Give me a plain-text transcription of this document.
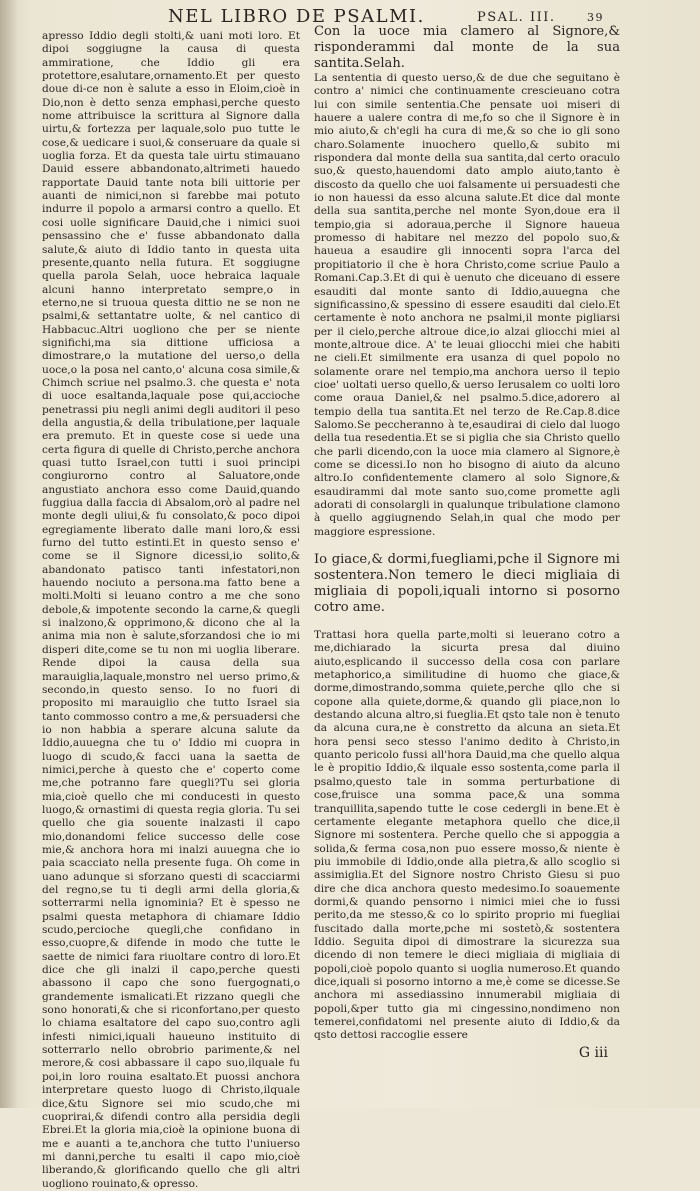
NEL LIBRO DE PSALMI.	PSAL. III.	39

apresso Iddio degli stolti,& uani moti loro. Et dipoi soggiugne la causa di questa ammiratione, che Iddio gli era protettore,esalutare,ornamento.Et per questo doue di-ce non è salute a esso in Eloim,cioè in Dio,non è detto senza emphasi,perche questo nome attribuisce la scrittura al Signore dalla uirtu,& fortezza per laquale,solo puo tutte le cose,& uedicare i suoi,& conseruare da quale si uoglia forza. Et da questa tale uirtu stimauano Dauid essere abbandonato,altrimeti hauedo rapportate Dauid tante nota bili uittorie per auanti de nimici,non si farebbe mai potuto indurre il popolo a armarsi contro a quello. Et cosi uolle significare Dauid,che i nimici suoi pensassino che e' fusse abbandonato dalla salute,& aiuto di Iddio tanto in questa uita presente,quanto nella futura. Et soggiugne quella parola Selah, uoce hebraica laquale alcuni hanno interpretato sempre,o in eterno,ne si truoua questa dittio ne se non ne psalmi,& settantatre uolte, & nel cantico di Habbacuc.Altri uogliono che per se niente significhi,ma sia dittione ufficiosa a dimostrare,o la mutatione del uerso,o della uoce,o la posa nel canto,o' alcuna cosa simile,& Chimch scriue nel psalmo.3. che questa e' nota di uoce esaltanda,laquale pose qui,accioche penetrassi piu negli animi degli auditori il peso della angustia,& della tribulatione,per laquale era premuto. Et in queste cose si uede una certa figura di quelle di Christo,perche anchora quasi tutto Israel,con tutti i suoi principi congiurorno contro al Saluatore,onde angustiato anchora esso come Dauid,quando fuggiua dalla faccia di Absalom,orò al padre nel monte degli uliui,& fu consolato,& poco dipoi egregiamente liberato dalle mani loro,& essi furno del tutto estinti.Et in questo senso e' come se il Signore dicessi,io solito,& abandonato patisco tanti infestatori,non hauendo nociuto a persona.ma fatto bene a molti.Molti si leuano contro a me che sono debole,& impotente secondo la carne,& quegli si inalzono,& opprimono,& dicono che al la anima mia non è salute,sforzandosi che io mi disperi dite,come se tu non mi uoglia liberare. Rende dipoi la causa della sua marauiglia,laquale,monstro nel uerso primo,& secondo,in questo senso. Io no fuori di proposito mi marauiglio che tutto Israel sia tanto commosso contro a me,& persuadersi che io non habbia a sperare alcuna salute da Iddio,auuegna che tu o' Iddio mi cuopra in luogo di scudo,& facci uana la saetta de nimici,perche à questo che e' coperto come me,che potranno fare quegli?Tu sei gloria mia,cioè quello che mi conducesti in questo luogo,& ornastimi di questa regia gloria. Tu sei quello che gia souente inalzasti il capo mio,donandomi felice successo delle cose mie,& anchora hora mi inalzi auuegna che io paia scacciato nella presente fuga. Oh come in uano adunque si sforzano questi di scacciarmi del regno,se tu ti degli armi della gloria,& sotterrarmi nella ignominia? Et è spesso ne psalmi questa metaphora di chiamare Iddio scudo,percioche quegli,che confidano in esso,cuopre,& difende in modo che tutte le saette de nimici fara riuoltare contro di loro.Et dice che gli inalzi il capo,perche questi abassono il capo che sono fuergognati,o grandemente ismalicati.Et rizzano quegli che sono honorati,& che si riconfortano,per questo lo chiama esaltatore del capo suo,contro agli infesti nimici,iquali haueuno instituito di sotterrarlo nello obrobrio parimente,& nel merore,& cosi abbassare il capo suo,ilquale fu poi,in loro rouina esaltato.Et puossi anchora interpretare questo luogo di Christo,ilquale dice,&tu Signore sei mio scudo,che mi cuoprirai,& difendi contro alla persidia degli Ebrei.Et la gloria mia,cioè la opinione buona di me e auanti a te,anchora che tutto l'uniuerso mi danni,perche tu esalti il capo mio,cioè liberando,& glorificando quello che gli altri uogliono rouinato,& opresso.

Con la uoce mia clamero al Signore,& risponderammi dal monte de la sua santita.Selah.

La sententia di questo uerso,& de due che seguitano è contro a' nimici che continuamente crescieuano cotra lui con simile sententia.Che pensate uoi miseri di hauere a ualere contra di me,fo so che il Signore è in mio aiuto,& ch'egli ha cura di me,& so che io gli sono charo.Solamente inuochero quello,& subito mi rispondera dal monte della sua santita,dal certo oraculo suo,& questo,hauendomi dato amplo aiuto,tanto è discosto da quello che uoi falsamente ui persuadesti che io non hauessi da esso alcuna salute.Et dice dal monte della sua santita,perche nel monte Syon,doue era il tempio,gia si adoraua,perche il Signore haueua promesso di habitare nel mezzo del popolo suo,& haueua a esaudire gli innocenti sopra l'arca del propitiatorio il che è hora Christo,come scriue Paulo a Romani.Cap.3.Et di qui è uenuto che diceuano di essere esauditi dal monte santo di Iddio,auuegna che significassino,& spessino di essere esauditi dal cielo.Et certamente è noto anchora ne psalmi,il monte pigliarsi per il cielo,perche altroue dice,io alzai gliocchi miei al monte,altroue dice. A' te leuai gliocchi miei che habiti ne cieli.Et similmente era usanza di quel popolo no solamente orare nel tempio,ma anchora uerso il tepio cioe' uoltati uerso quello,& uerso Ierusalem co uolti loro come oraua Daniel,& nel psalmo.5.dice,adorero al tempio della tua santita.Et nel terzo de Re.Cap.8.dice Salomo.Se peccheranno à te,esaudirai di cielo dal luogo della tua resedentia.Et se si piglia che sia Christo quello che parli dicendo,con la uoce mia clamero al Signore,è come se dicessi.Io non ho bisogno di aiuto da alcuno altro.Io confidentemente clamero al solo Signore,& esaudirammi dal mote santo suo,come promette agli adorati di consolargli in qualunque tribulatione clamono à quello aggiugnendo Selah,in qual che modo per maggiore espressione.

Io giace,& dormi,fuegliami,pche il Signore mi sostentera.Non temero le dieci migliaia di migliaia di popoli,iquali intorno si posorno cotro ame.

Trattasi hora quella parte,molti si leuerano cotro a me,dichiarado la sicurta presa dal diuino aiuto,esplicando il successo della cosa con parlare metaphorico,a similitudine di huomo che giace,& dorme,dimostrando,somma quiete,perche qllo che si copone alla quiete,dorme,& quando gli piace,non lo destando alcuna altro,si fueglia.Et qsto tale non è tenuto da alcuna cura,ne è constretto da alcuna an sieta.Et hora pensi seco stesso l'animo dedito à Christo,in quanto pericolo fussi all'hora Dauid,ma che quello alqua le è propitio Iddio,& ilquale esso sostenta,come parla il psalmo,questo tale in somma perturbatione di cose,fruisce una somma pace,& una somma tranquillita,sapendo tutte le cose cedergli in bene.Et è certamente elegante metaphora quello che dice,il Signore mi sostentera. Perche quello che si appoggia a solida,& ferma cosa,non puo essere mosso,& niente è piu immobile di Iddio,onde alla pietra,& allo scoglio si assimiglia.Et del Signore nostro Christo Giesu si puo dire che dica anchora questo medesimo.Io soauemente dormi,& quando pensorno i nimici miei che io fussi perito,da me stesso,& co lo spirito proprio mi fuegliai fuscitado dalla morte,pche mi sostetò,& sostentera Iddio. Seguita dipoi di dimostrare la sicurezza sua dicendo di non temere le dieci migliaia di migliaia di popoli,cioè popolo quanto si uoglia numeroso.Et quando dice,iquali si posorno intorno a me,è come se dicesse.Se anchora mi assediassino innumerabil migliaia di popoli,&per tutto gia mi cingessino,nondimeno non temerei,confidatomi nel presente aiuto di Iddio,& da qsto dettosi raccoglie essere

G iii
